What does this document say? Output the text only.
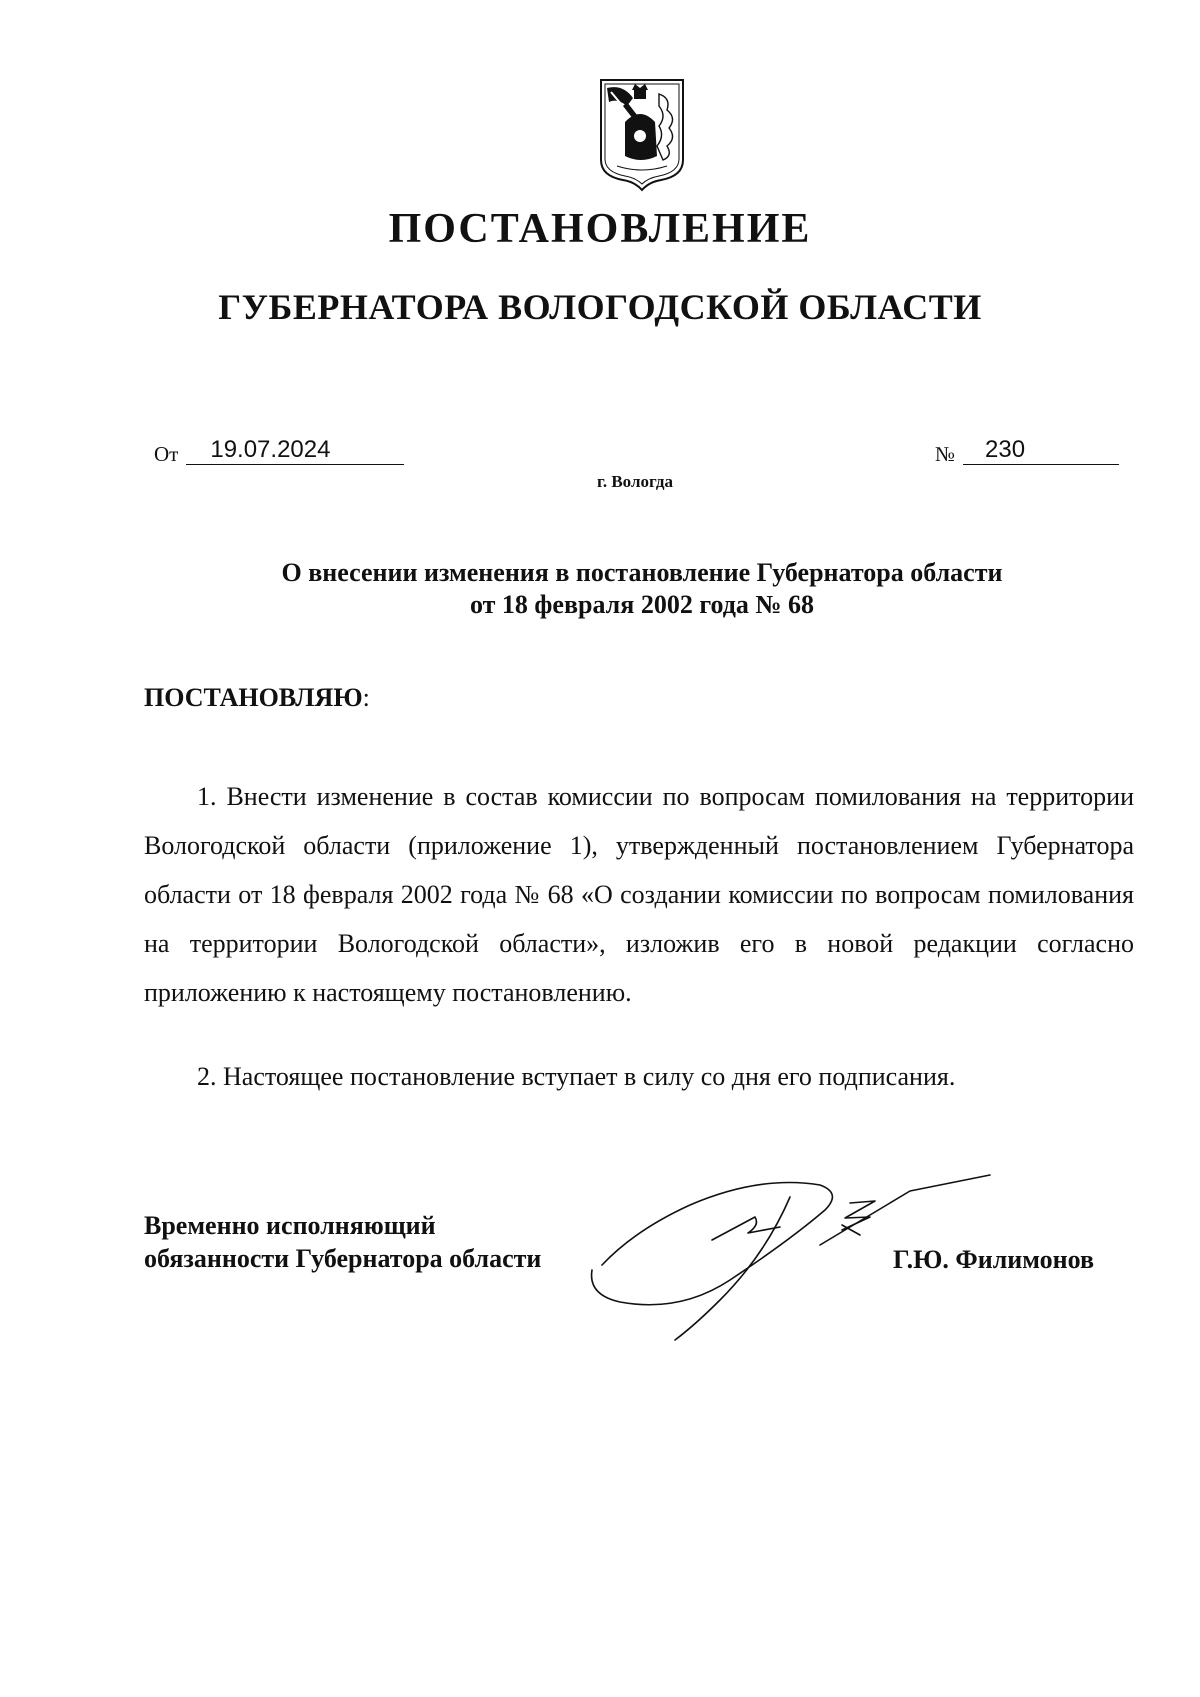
ПОСТАНОВЛЕНИЕ
ГУБЕРНАТОРА ВОЛОГОДСКОЙ ОБЛАСТИ
От 19.07.2024	№ 230
г. Вологда
О внесении изменения в постановление Губернатора области
от 18 февраля 2002 года № 68
ПОСТАНОВЛЯЮ:

1. Внести изменение в состав комиссии по вопросам помилования на территории Вологодской области (приложение 1), утвержденный постановлением Губернатора области от 18 февраля 2002 года № 68 «О создании комиссии по вопросам помилования на территории Вологодской области», изложив его в новой редакции согласно приложению к настоящему постановлению.

2. Настоящее постановление вступает в силу со дня его подписания.

Временно исполняющий
обязанности Губернатора области	Г.Ю. Филимонов
